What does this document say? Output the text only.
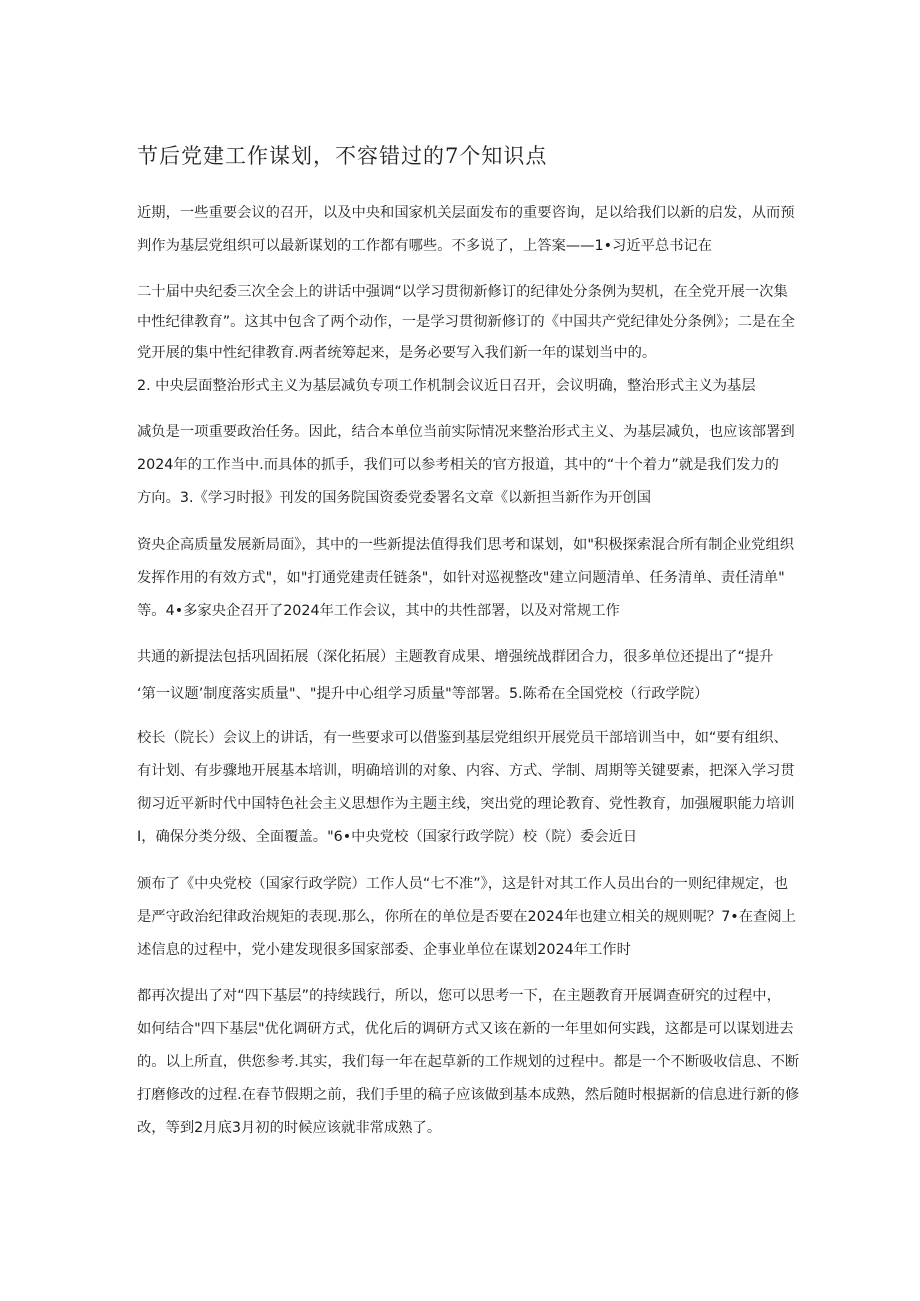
节后党建工作谋划，不容错过的7个知识点
近期，一些重要会议的召开，以及中央和国家机关层面发布的重要咨询，足以给我们以新的启发，从而预
判作为基层党组织可以最新谋划的工作都有哪些。不多说了，上答案——1•习近平总书记在
二十届中央纪委三次全会上的讲话中强调“以学习贯彻新修订的纪律处分条例为契机，在全党开展一次集
中性纪律教育”。这其中包含了两个动作，一是学习贯彻新修订的《中国共产党纪律处分条例》；二是在全
党开展的集中性纪律教育.两者统筹起来，是务必要写入我们新一年的谋划当中的。
2. 中央层面整治形式主义为基层减负专项工作机制会议近日召开，会议明确，整治形式主义为基层
减负是一项重要政治任务。因此，结合本单位当前实际情况来整治形式主义、为基层减负，也应该部署到
2024年的工作当中.而具体的抓手，我们可以参考相关的官方报道，其中的“十个着力”就是我们发力的
方向。3.《学习时报》刊发的国务院国资委党委署名文章《以新担当新作为开创国
资央企高质量发展新局面》，其中的一些新提法值得我们思考和谋划，如"积极探索混合所有制企业党组织
发挥作用的有效方式"，如"打通党建责任链条"，如针对巡视整改"建立问题清单、任务清单、责任清单"
等。4•多家央企召开了2024年工作会议，其中的共性部署，以及对常规工作
共通的新提法包括巩固拓展（深化拓展）主题教育成果、增强统战群团合力，很多单位还提出了“提升
‘第一议题’制度落实质量"、"提升中心组学习质量"等部署。5.陈希在全国党校（行政学院）
校长（院长）会议上的讲话，有一些要求可以借鉴到基层党组织开展党员干部培训当中，如“要有组织、
有计划、有步骤地开展基本培训，明确培训的对象、内容、方式、学制、周期等关键要素，把深入学习贯
彻习近平新时代中国特色社会主义思想作为主题主线，突出党的理论教育、党性教育，加强履职能力培训
I，确保分类分级、全面覆盖。"6•中央党校（国家行政学院）校（院）委会近日
颁布了《中央党校（国家行政学院）工作人员“七不准”》，这是针对其工作人员出台的一则纪律规定，也
是严守政治纪律政治规矩的表现.那么，你所在的单位是否要在2024年也建立相关的规则呢？7•在查阅上
述信息的过程中，党小建发现很多国家部委、企事业单位在谋划2024年工作时
都再次提出了对“四下基层”的持续践行，所以，您可以思考一下，在主题教育开展调查研究的过程中，
如何结合"四下基层"优化调研方式，优化后的调研方式又该在新的一年里如何实践，这都是可以谋划进去
的。以上所直，供您参考.其实，我们每一年在起草新的工作规划的过程中。都是一个不断吸收信息、不断
打磨修改的过程.在春节假期之前，我们手里的稿子应该做到基本成熟，然后随时根据新的信息进行新的修
改，等到2月底3月初的时候应该就非常成熟了。
